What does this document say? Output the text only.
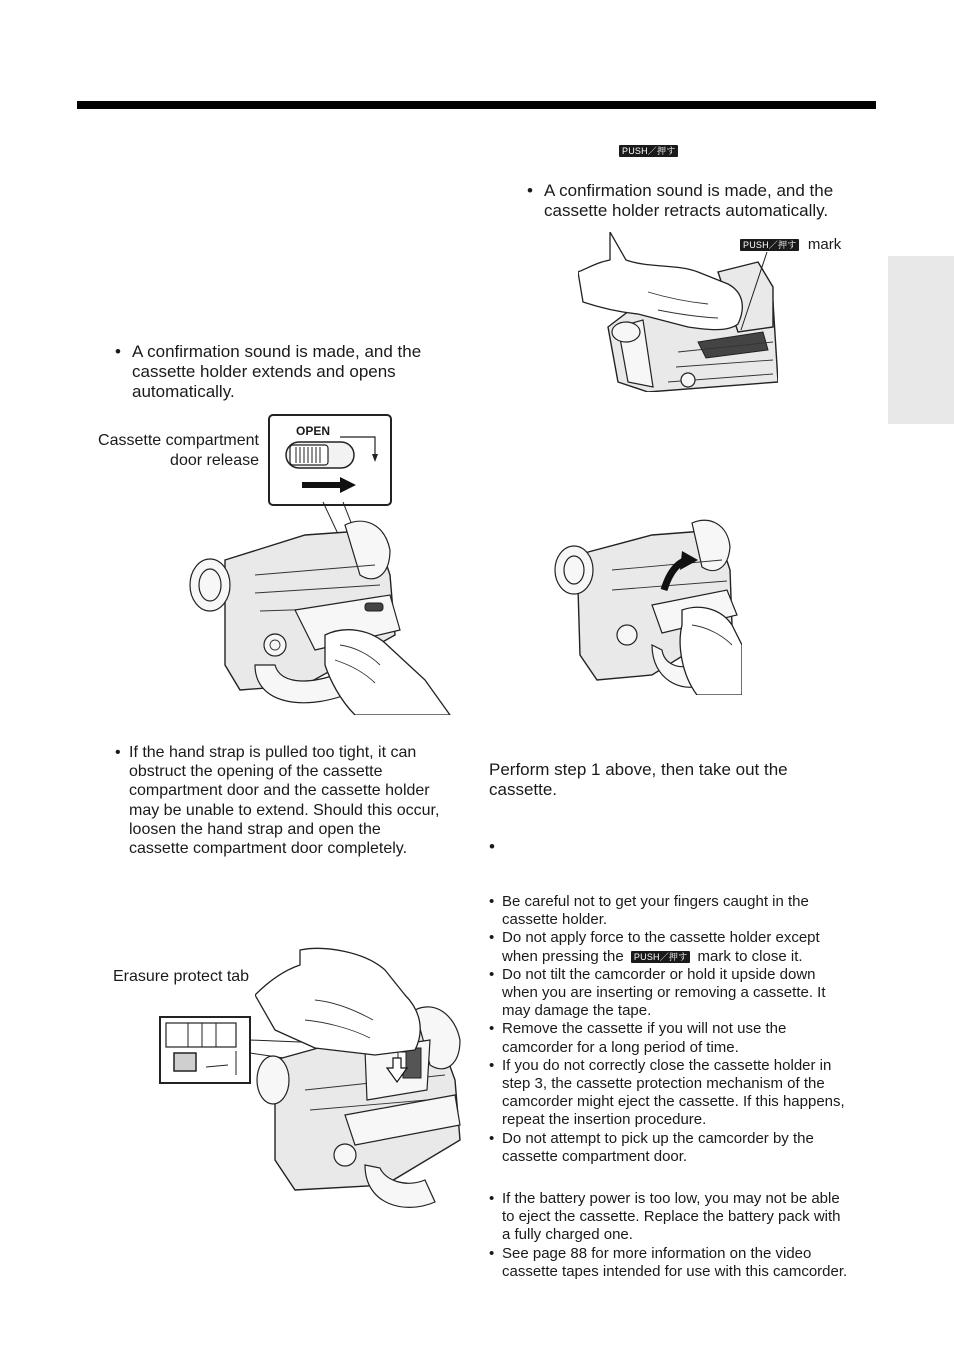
PUSH／押す
• A confirmation sound is made, and the
cassette holder retracts automatically.
PUSH／押す mark
• A confirmation sound is made, and the
cassette holder extends and opens
automatically.
Cassette compartment
door release
OPEN
• If the hand strap is pulled too tight, it can
obstruct the opening of the cassette
compartment door and the cassette holder
may be unable to extend. Should this occur,
loosen the hand strap and open the
cassette compartment door completely.
Perform step 1 above, then take out the
cassette.
•
Erasure protect tab
• Be careful not to get your fingers caught in the
cassette holder.
• Do not apply force to the cassette holder except
when pressing the PUSH／押す mark to close it.
• Do not tilt the camcorder or hold it upside down
when you are inserting or removing a cassette. It
may damage the tape.
• Remove the cassette if you will not use the
camcorder for a long period of time.
• If you do not correctly close the cassette holder in
step 3, the cassette protection mechanism of the
camcorder might eject the cassette. If this happens,
repeat the insertion procedure.
• Do not attempt to pick up the camcorder by the
cassette compartment door.
• If the battery power is too low, you may not be able
to eject the cassette. Replace the battery pack with
a fully charged one.
• See page 88 for more information on the video
cassette tapes intended for use with this camcorder.
